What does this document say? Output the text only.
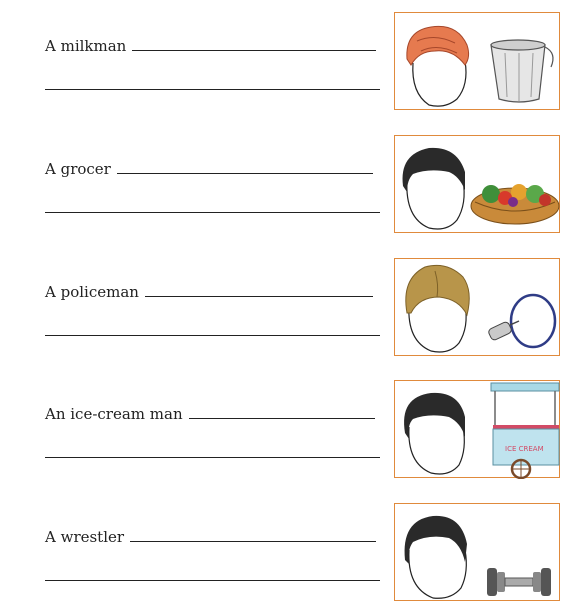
A milkman
A grocer
A policeman
An ice-cream man
ICE CREAM
A wrestler
